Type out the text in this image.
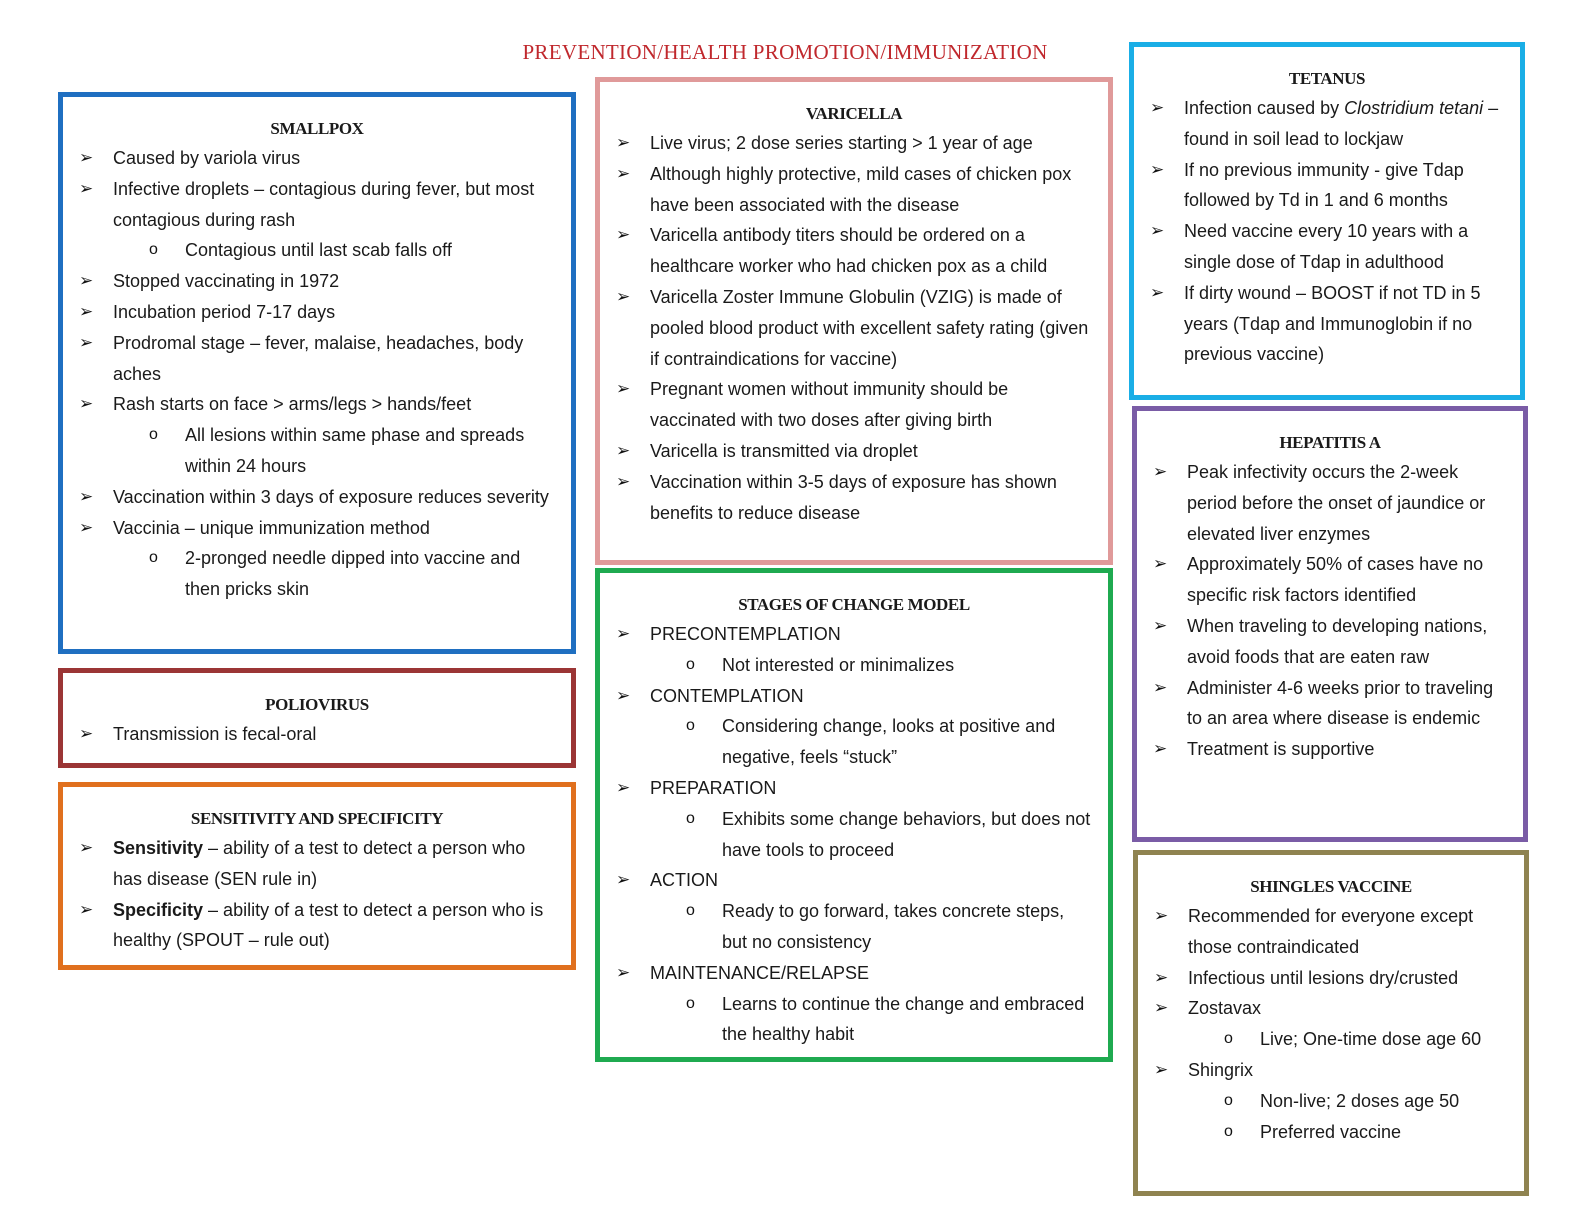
PREVENTION/HEALTH PROMOTION/IMMUNIZATION
SMALLPOX
➢ Caused by variola virus
➢ Infective droplets – contagious during fever, but most contagious during rash
o Contagious until last scab falls off
➢ Stopped vaccinating in 1972
➢ Incubation period 7-17 days
➢ Prodromal stage – fever, malaise, headaches, body aches
➢ Rash starts on face > arms/legs > hands/feet
o All lesions within same phase and spreads within 24 hours
➢ Vaccination within 3 days of exposure reduces severity
➢ Vaccinia – unique immunization method
o 2-pronged needle dipped into vaccine and then pricks skin
POLIOVIRUS
➢ Transmission is fecal-oral
SENSITIVITY AND SPECIFICITY
➢ Sensitivity – ability of a test to detect a person who has disease (SEN rule in)
➢ Specificity – ability of a test to detect a person who is healthy (SPOUT – rule out)
VARICELLA
➢ Live virus; 2 dose series starting > 1 year of age
➢ Although highly protective, mild cases of chicken pox have been associated with the disease
➢ Varicella antibody titers should be ordered on a healthcare worker who had chicken pox as a child
➢ Varicella Zoster Immune Globulin (VZIG) is made of pooled blood product with excellent safety rating (given if contraindications for vaccine)
➢ Pregnant women without immunity should be vaccinated with two doses after giving birth
➢ Varicella is transmitted via droplet
➢ Vaccination within 3-5 days of exposure has shown benefits to reduce disease
STAGES OF CHANGE MODEL
➢ PRECONTEMPLATION
o Not interested or minimalizes
➢ CONTEMPLATION
o Considering change, looks at positive and negative, feels “stuck”
➢ PREPARATION
o Exhibits some change behaviors, but does not have tools to proceed
➢ ACTION
o Ready to go forward, takes concrete steps, but no consistency
➢ MAINTENANCE/RELAPSE
o Learns to continue the change and embraced the healthy habit
TETANUS
➢ Infection caused by Clostridium tetani – found in soil lead to lockjaw
➢ If no previous immunity - give Tdap followed by Td in 1 and 6 months
➢ Need vaccine every 10 years with a single dose of Tdap in adulthood
➢ If dirty wound – BOOST if not TD in 5 years (Tdap and Immunoglobin if no previous vaccine)
HEPATITIS A
➢ Peak infectivity occurs the 2-week period before the onset of jaundice or elevated liver enzymes
➢ Approximately 50% of cases have no specific risk factors identified
➢ When traveling to developing nations, avoid foods that are eaten raw
➢ Administer 4-6 weeks prior to traveling to an area where disease is endemic
➢ Treatment is supportive
SHINGLES VACCINE
➢ Recommended for everyone except those contraindicated
➢ Infectious until lesions dry/crusted
➢ Zostavax
o Live; One-time dose age 60
➢ Shingrix
o Non-live; 2 doses age 50
o Preferred vaccine
